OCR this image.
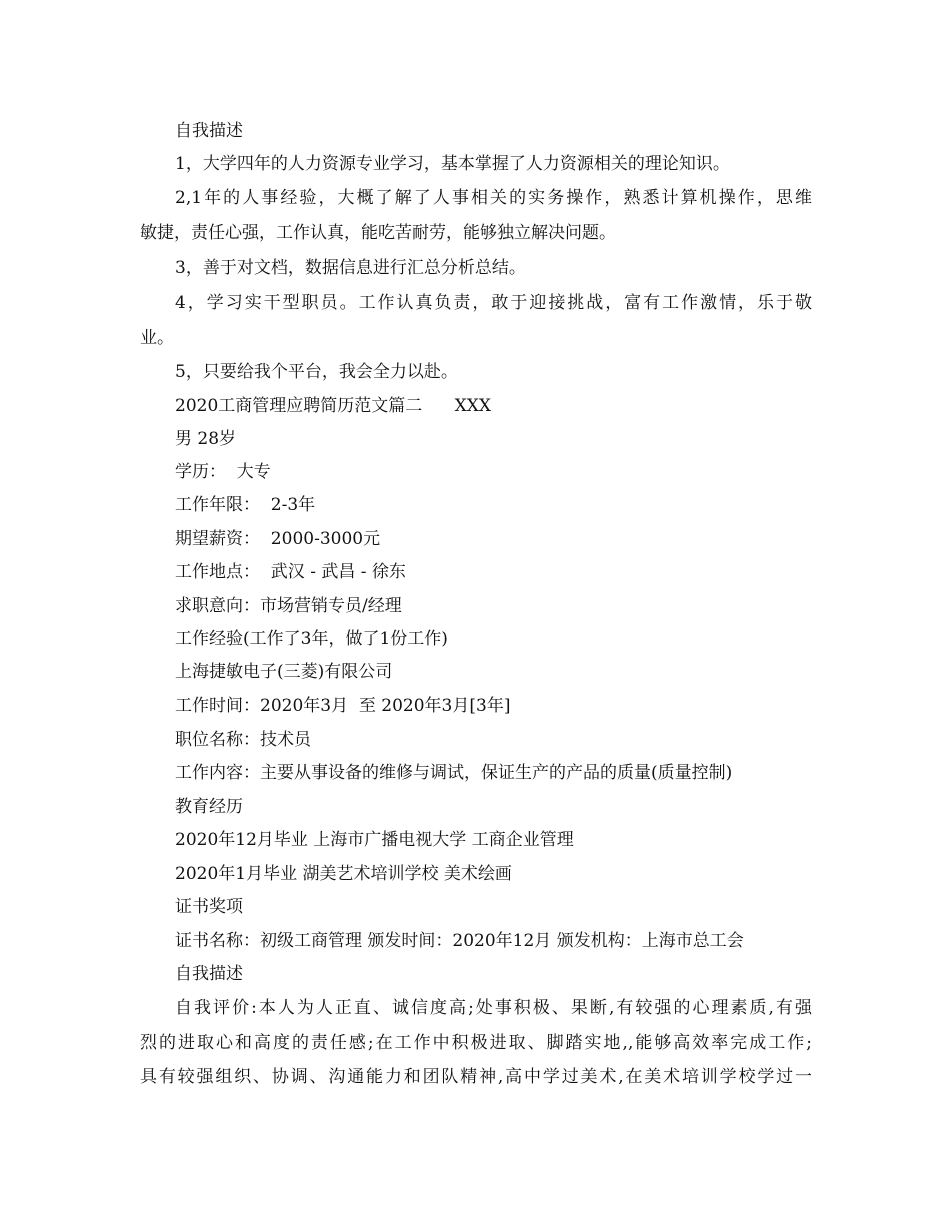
自我描述
1，大学四年的人力资源专业学习，基本掌握了人力资源相关的理论知识。
2,1年的人事经验，大概了解了人事相关的实务操作，熟悉计算机操作，思维
敏捷，责任心强，工作认真，能吃苦耐劳，能够独立解决问题。
3，善于对文档，数据信息进行汇总分析总结。
4，学习实干型职员。工作认真负责，敢于迎接挑战，富有工作激情，乐于敬
业。
5，只要给我个平台，我会全力以赴。
2020工商管理应聘简历范文篇二      XXX
男 28岁
学历：  大专
工作年限：  2-3年
期望薪资：  2000-3000元
工作地点：  武汉 - 武昌 - 徐东
求职意向：市场营销专员/经理
工作经验(工作了3年，做了1份工作)
上海捷敏电子(三菱)有限公司
工作时间：2020年3月  至 2020年3月[3年]
职位名称：技术员
工作内容：主要从事设备的维修与调试，保证生产的产品的质量(质量控制)
教育经历
2020年12月毕业 上海市广播电视大学 工商企业管理
2020年1月毕业 湖美艺术培训学校 美术绘画
证书奖项
证书名称：初级工商管理 颁发时间：2020年12月 颁发机构：上海市总工会
自我描述
自我评价:本人为人正直、诚信度高;处事积极、果断,有较强的心理素质,有强
烈的进取心和高度的责任感;在工作中积极进取、脚踏实地,,能够高效率完成工作;
具有较强组织、协调、沟通能力和团队精神,高中学过美术,在美术培训学校学过一
